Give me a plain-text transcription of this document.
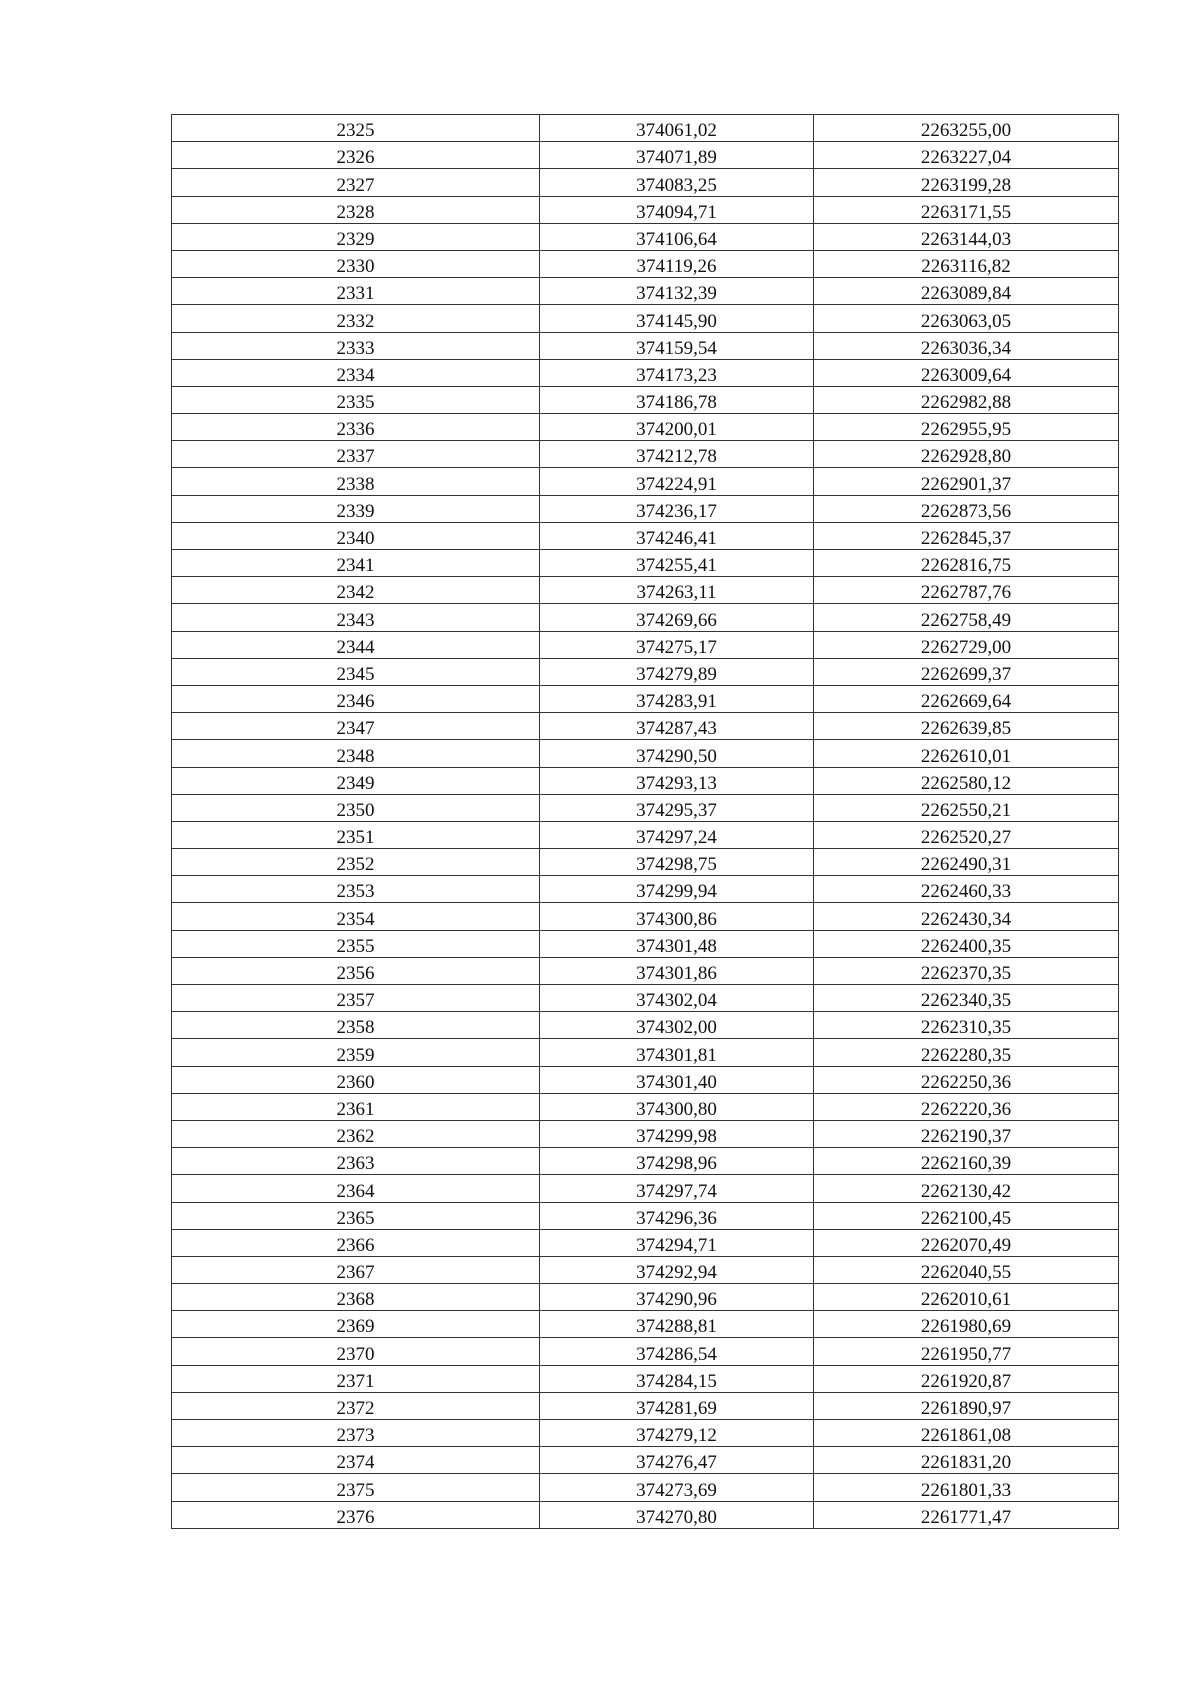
2325	374061,02	2263255,00
2326	374071,89	2263227,04
2327	374083,25	2263199,28
2328	374094,71	2263171,55
2329	374106,64	2263144,03
2330	374119,26	2263116,82
2331	374132,39	2263089,84
2332	374145,90	2263063,05
2333	374159,54	2263036,34
2334	374173,23	2263009,64
2335	374186,78	2262982,88
2336	374200,01	2262955,95
2337	374212,78	2262928,80
2338	374224,91	2262901,37
2339	374236,17	2262873,56
2340	374246,41	2262845,37
2341	374255,41	2262816,75
2342	374263,11	2262787,76
2343	374269,66	2262758,49
2344	374275,17	2262729,00
2345	374279,89	2262699,37
2346	374283,91	2262669,64
2347	374287,43	2262639,85
2348	374290,50	2262610,01
2349	374293,13	2262580,12
2350	374295,37	2262550,21
2351	374297,24	2262520,27
2352	374298,75	2262490,31
2353	374299,94	2262460,33
2354	374300,86	2262430,34
2355	374301,48	2262400,35
2356	374301,86	2262370,35
2357	374302,04	2262340,35
2358	374302,00	2262310,35
2359	374301,81	2262280,35
2360	374301,40	2262250,36
2361	374300,80	2262220,36
2362	374299,98	2262190,37
2363	374298,96	2262160,39
2364	374297,74	2262130,42
2365	374296,36	2262100,45
2366	374294,71	2262070,49
2367	374292,94	2262040,55
2368	374290,96	2262010,61
2369	374288,81	2261980,69
2370	374286,54	2261950,77
2371	374284,15	2261920,87
2372	374281,69	2261890,97
2373	374279,12	2261861,08
2374	374276,47	2261831,20
2375	374273,69	2261801,33
2376	374270,80	2261771,47
